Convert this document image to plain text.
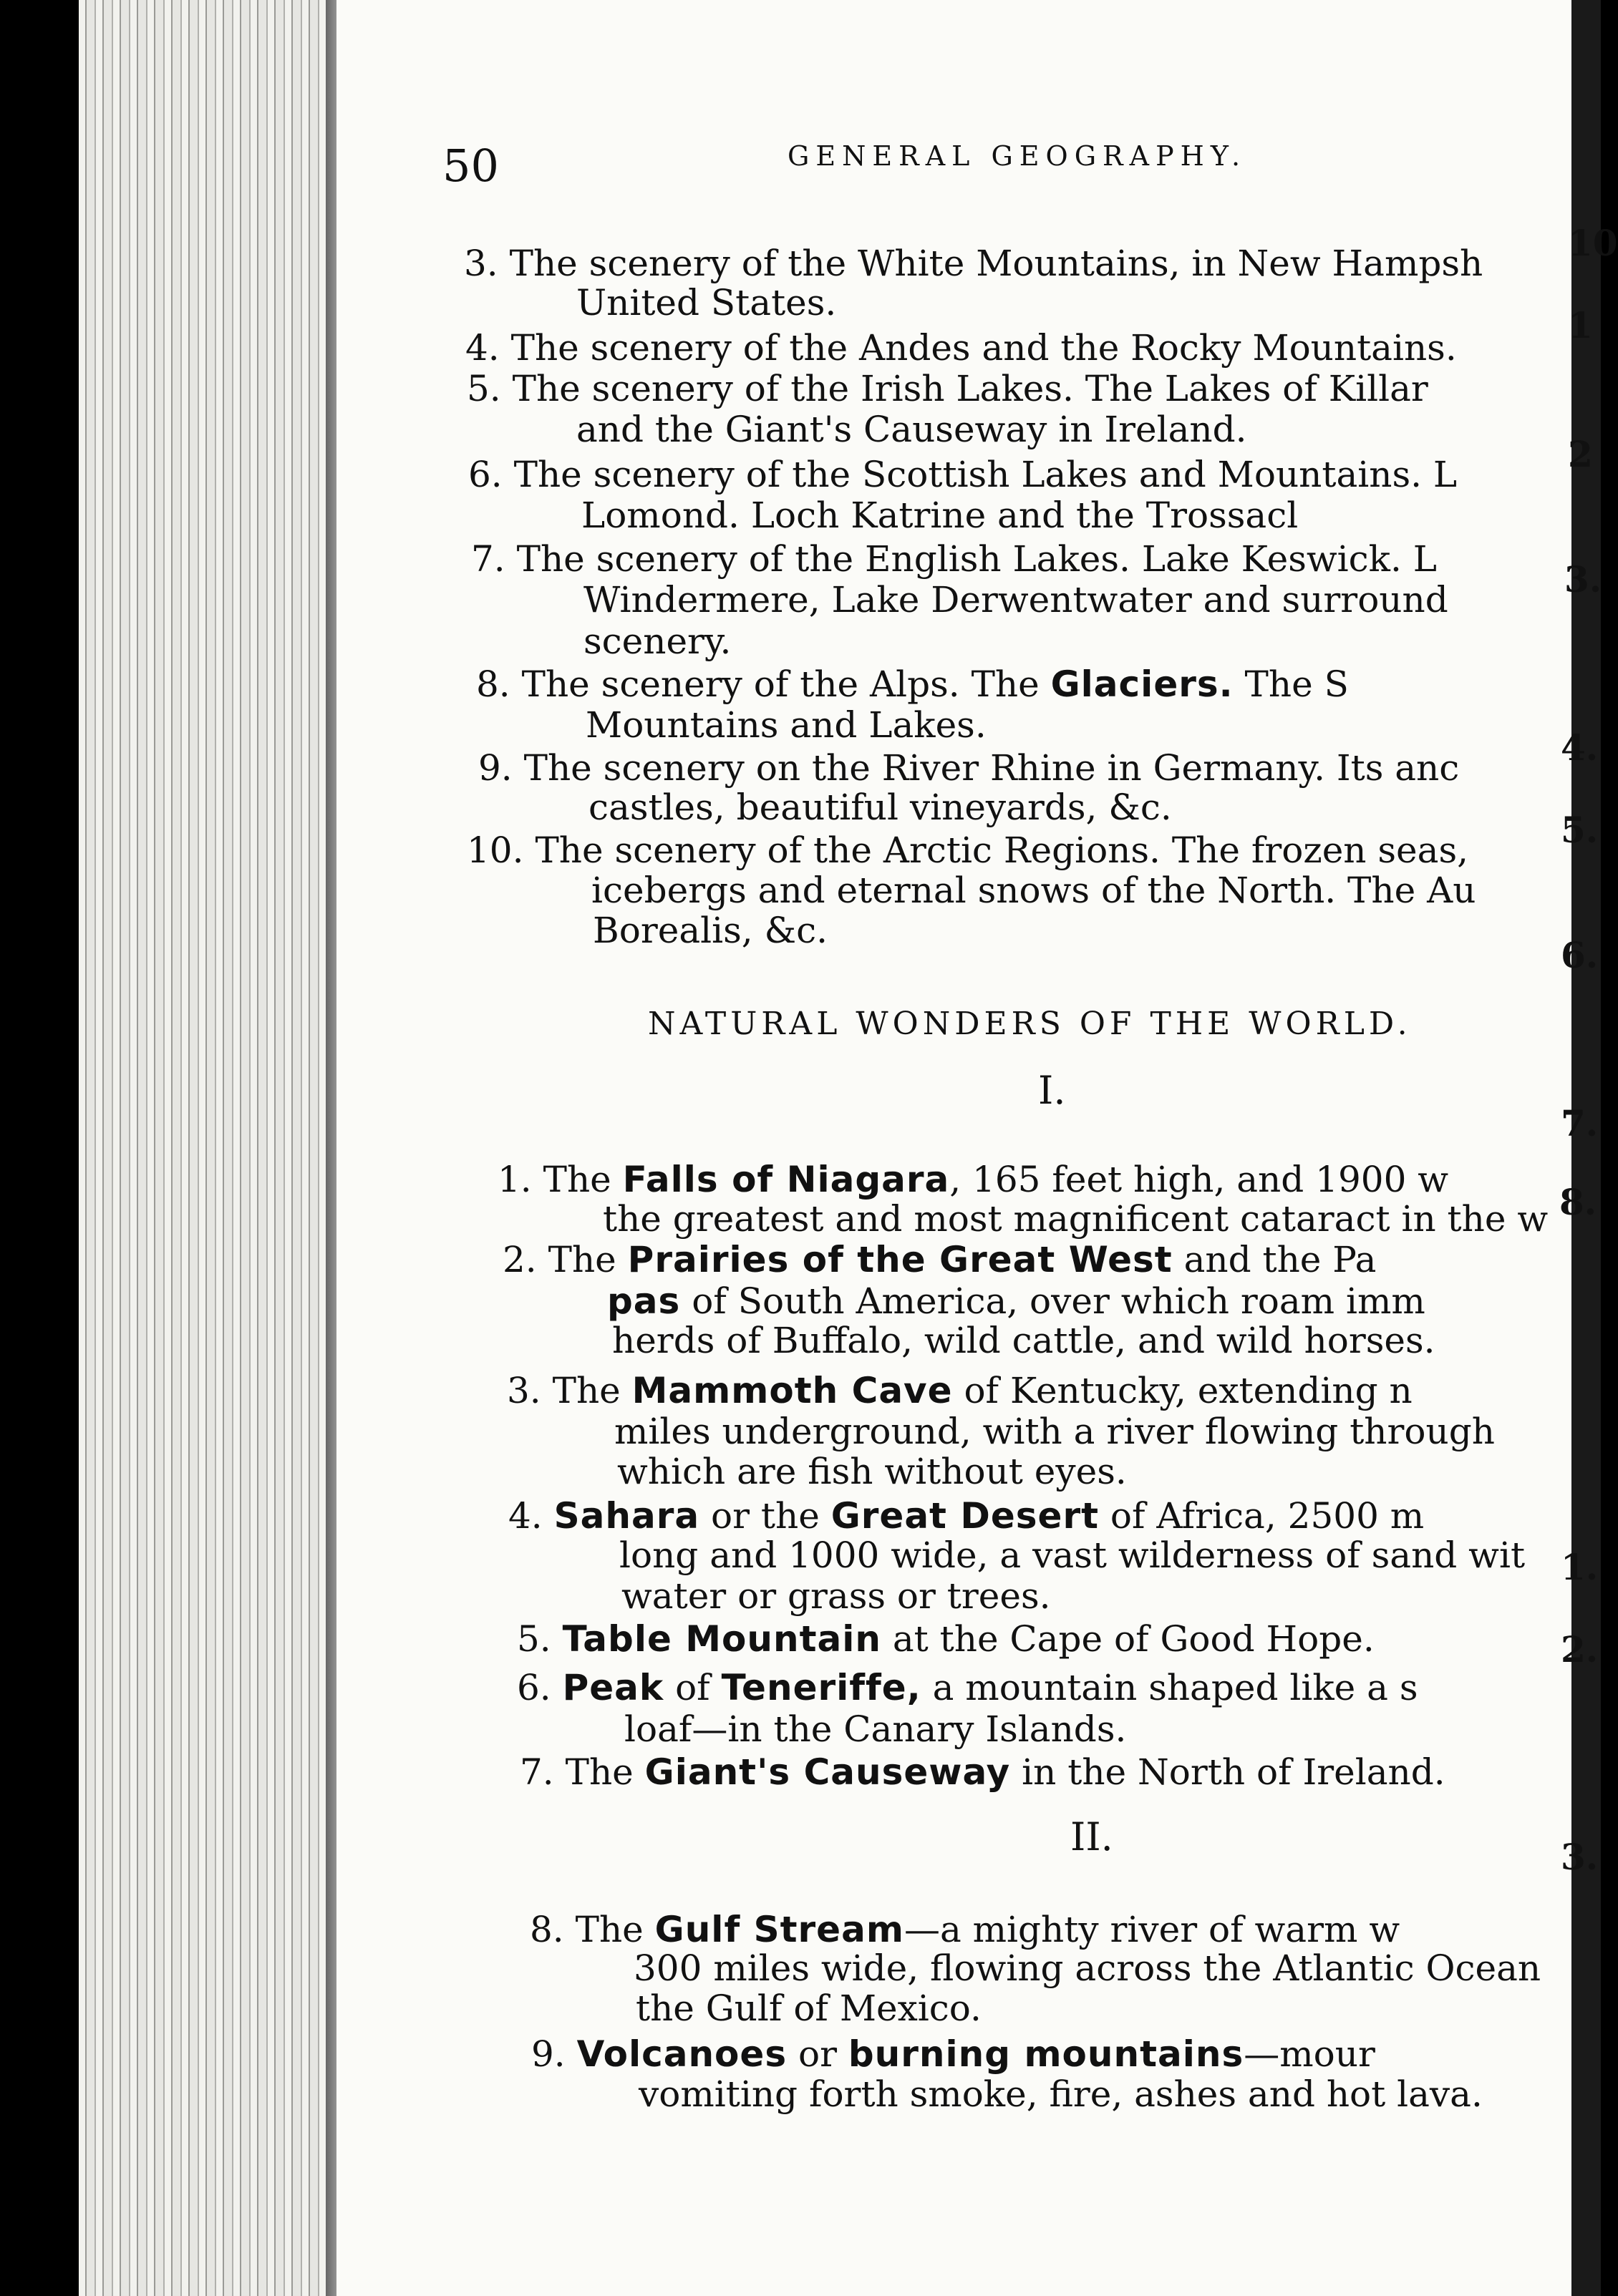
50	GENERAL GEOGRAPHY.
3. The scenery of the White Mountains, in New Hampsh
United States.
4. The scenery of the Andes and the Rocky Mountains.
5. The scenery of the Irish Lakes. The Lakes of Killar
and the Giant's Causeway in Ireland.
6. The scenery of the Scottish Lakes and Mountains. L
Lomond. Loch Katrine and the Trossacl
7. The scenery of the English Lakes. Lake Keswick. L
Windermere, Lake Derwentwater and surround
scenery.
8. The scenery of the Alps. The Glaciers. The S
Mountains and Lakes.
9. The scenery on the River Rhine in Germany. Its anc
castles, beautiful vineyards, &c.
10. The scenery of the Arctic Regions. The frozen seas,
icebergs and eternal snows of the North. The Au
Borealis, &c.
NATURAL WONDERS OF THE WORLD.
I.
1. The Falls of Niagara, 165 feet high, and 1900 w
the greatest and most magnificent cataract in the w
2. The Prairies of the Great West and the Pa
pas of South America, over which roam imm
herds of Buffalo, wild cattle, and wild horses.
3. The Mammoth Cave of Kentucky, extending n
miles underground, with a river flowing through
which are fish without eyes.
4. Sahara or the Great Desert of Africa, 2500 m
long and 1000 wide, a vast wilderness of sand wit
water or grass or trees.
5. Table Mountain at the Cape of Good Hope.
6. Peak of Teneriffe, a mountain shaped like a s
loaf—in the Canary Islands.
7. The Giant's Causeway in the North of Ireland.
II.
8. The Gulf Stream—a mighty river of warm w
300 miles wide, flowing across the Atlantic Ocean
the Gulf of Mexico.
9. Volcanoes or burning mountains—mour
vomiting forth smoke, fire, ashes and hot lava.
10
1
2
3.
4.
5.
6.
7.
8.
1.
2.
3.
